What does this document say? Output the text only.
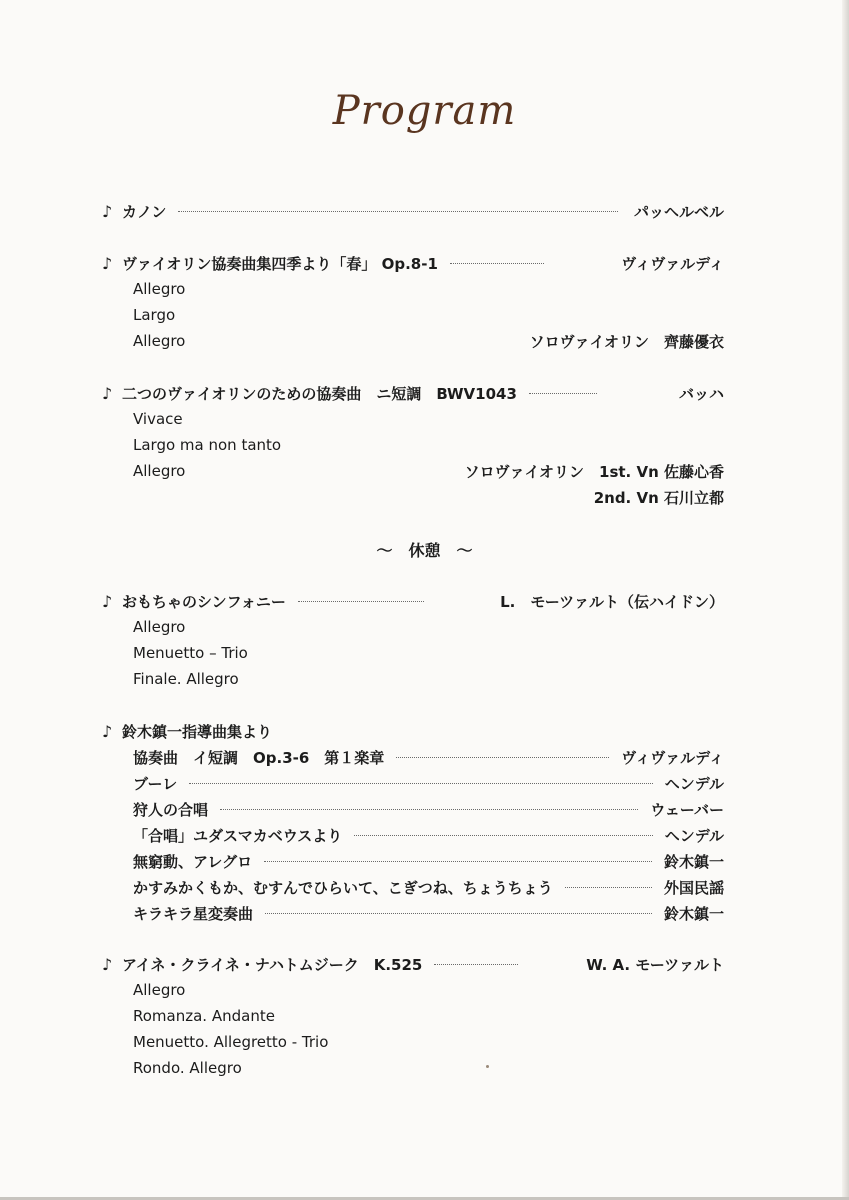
Program
♪ カノン	パッヘルベル
♪ ヴァイオリン協奏曲集四季より「春」 Op.8-1	ヴィヴァルディ
Allegro
Largo
Allegro	ソロヴァイオリン　齊藤優衣
♪ 二つのヴァイオリンのための協奏曲　ニ短調　BWV1043	バッハ
Vivace
Largo ma non tanto
Allegro	ソロヴァイオリン　1st. Vn 佐藤心香
2nd. Vn 石川立都
～　休憩　～
♪ おもちゃのシンフォニー	L.　モーツァルト（伝ハイドン）
Allegro
Menuetto – Trio
Finale. Allegro
♪ 鈴木鎮一指導曲集より
協奏曲　イ短調　Op.3-6　第１楽章	ヴィヴァルディ
ブーレ	ヘンデル
狩人の合唱	ウェーバー
「合唱」ユダスマカベウスより	ヘンデル
無窮動、アレグロ	鈴木鎮一
かすみかくもか、むすんでひらいて、こぎつね、ちょうちょう	外国民謡
キラキラ星変奏曲	鈴木鎮一
♪ アイネ・クライネ・ナハトムジーク　K.525	W. A. モーツァルト
Allegro
Romanza. Andante
Menuetto. Allegretto - Trio
Rondo. Allegro
